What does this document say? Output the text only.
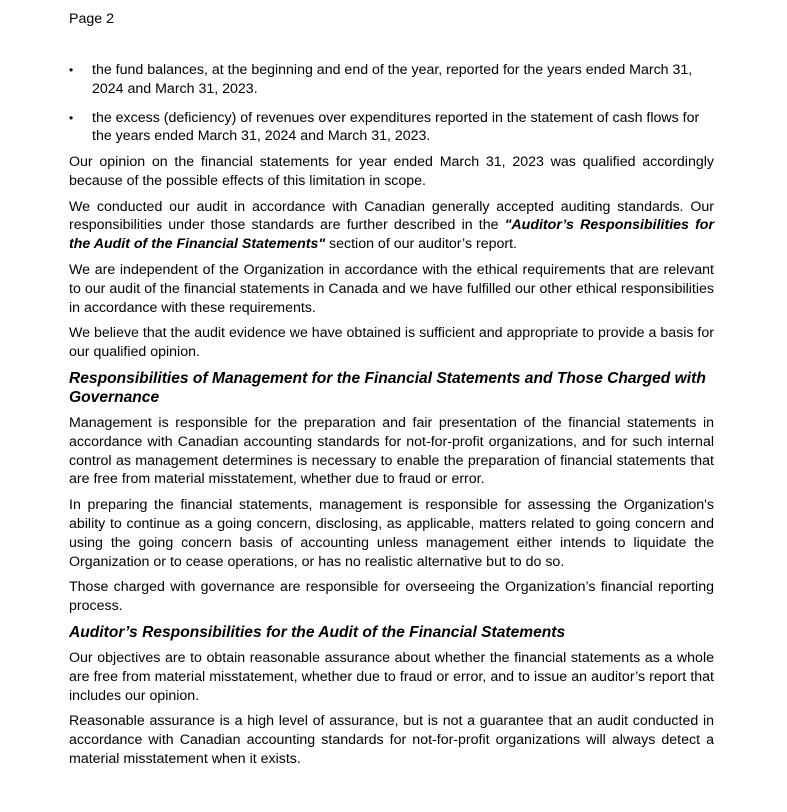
Page 2
• the fund balances, at the beginning and end of the year, reported for the years ended March 31, 2024 and March 31, 2023.
• the excess (deficiency) of revenues over expenditures reported in the statement of cash flows for the years ended March 31, 2024 and March 31, 2023.

Our opinion on the financial statements for year ended March 31, 2023 was qualified accordingly because of the possible effects of this limitation in scope.

We conducted our audit in accordance with Canadian generally accepted auditing standards. Our responsibilities under those standards are further described in the "Auditor’s Responsibilities for the Audit of the Financial Statements" section of our auditor’s report.

We are independent of the Organization in accordance with the ethical requirements that are relevant to our audit of the financial statements in Canada and we have fulfilled our other ethical responsibilities in accordance with these requirements.

We believe that the audit evidence we have obtained is sufficient and appropriate to provide a basis for our qualified opinion.

Responsibilities of Management for the Financial Statements and Those Charged with Governance

Management is responsible for the preparation and fair presentation of the financial statements in accordance with Canadian accounting standards for not-for-profit organizations, and for such internal control as management determines is necessary to enable the preparation of financial statements that are free from material misstatement, whether due to fraud or error.

In preparing the financial statements, management is responsible for assessing the Organization's ability to continue as a going concern, disclosing, as applicable, matters related to going concern and using the going concern basis of accounting unless management either intends to liquidate the Organization or to cease operations, or has no realistic alternative but to do so.

Those charged with governance are responsible for overseeing the Organization’s financial reporting process.

Auditor’s Responsibilities for the Audit of the Financial Statements

Our objectives are to obtain reasonable assurance about whether the financial statements as a whole are free from material misstatement, whether due to fraud or error, and to issue an auditor’s report that includes our opinion.

Reasonable assurance is a high level of assurance, but is not a guarantee that an audit conducted in accordance with Canadian accounting standards for not-for-profit organizations will always detect a material misstatement when it exists.
